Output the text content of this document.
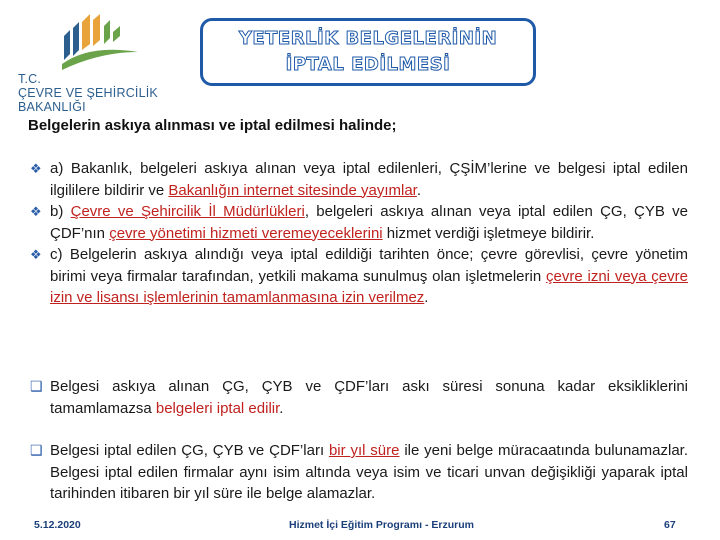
T.C.
ÇEVRE VE ŞEHİRCİLİK
BAKANLIĞI
YETERLİK BELGELERİNİN
İPTAL EDİLMESİ
Belgelerin askıya alınması ve iptal edilmesi halinde;

❖ a) Bakanlık, belgeleri askıya alınan veya iptal edilenleri, ÇŞİM’lerine ve belgesi iptal edilen ilgililere bildirir ve Bakanlığın internet sitesinde yayımlar.

❖ b) Çevre ve Şehircilik İl Müdürlükleri, belgeleri askıya alınan veya iptal edilen ÇG, ÇYB ve ÇDF’nın çevre yönetimi hizmeti veremeyeceklerini hizmet verdiği işletmeye bildirir.

❖ c) Belgelerin askıya alındığı veya iptal edildiği tarihten önce; çevre görevlisi, çevre yönetim birimi veya firmalar tarafından, yetkili makama sunulmuş olan işletmelerin çevre izni veya çevre izin ve lisansı işlemlerinin tamamlanmasına izin verilmez.

❑ Belgesi askıya alınan ÇG, ÇYB ve ÇDF’ları askı süresi sonuna kadar eksikliklerini tamamlamazsa belgeleri iptal edilir.

❑ Belgesi iptal edilen ÇG, ÇYB ve ÇDF’ları bir yıl süre ile yeni belge müracaatında bulunamazlar. Belgesi iptal edilen firmalar aynı isim altında veya isim ve ticari unvan değişikliği yaparak iptal tarihinden itibaren bir yıl süre ile belge alamazlar.

5.12.2020	Hizmet İçi Eğitim Programı - Erzurum	67
